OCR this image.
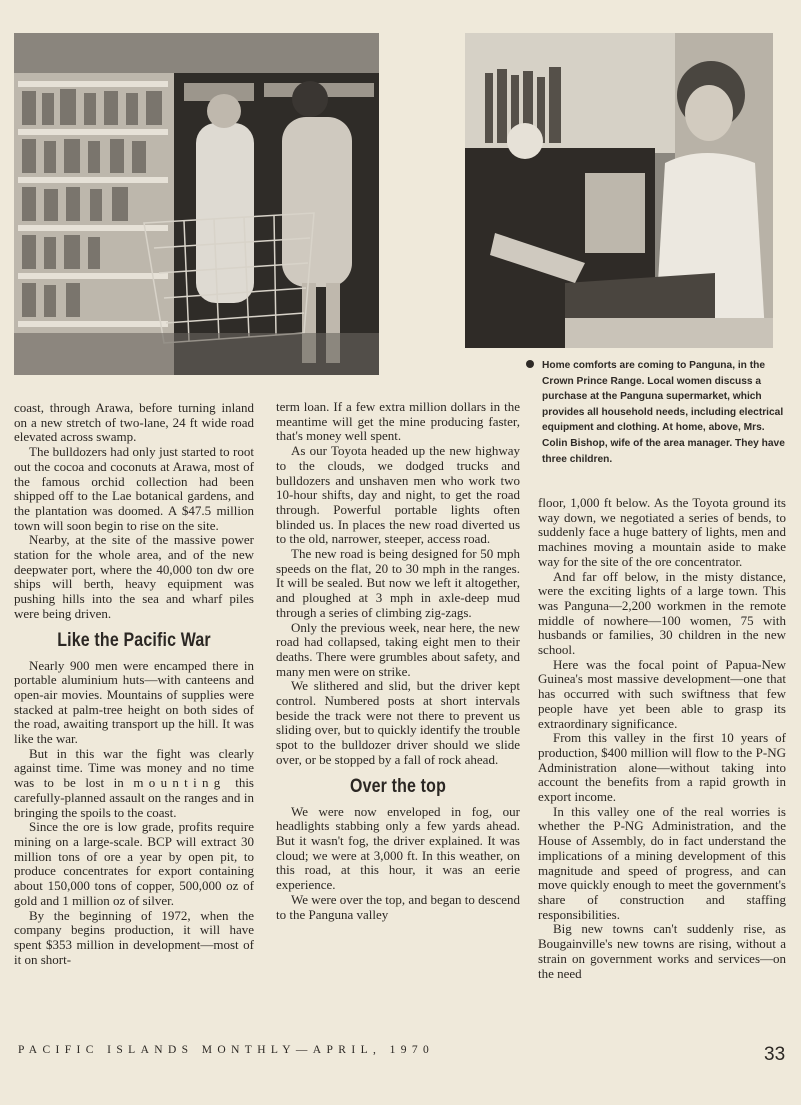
Home comforts are coming to Panguna, in the Crown Prince Range. Local women discuss a purchase at the Panguna supermarket, which provides all household needs, including electrical equipment and clothing. At home, above, Mrs. Colin Bishop, wife of the area manager. They have three children.

coast, through Arawa, before turning inland on a new stretch of two-lane, 24 ft wide road elevated across swamp.

The bulldozers had only just started to root out the cocoa and coconuts at Arawa, most of the famous orchid collection had been shipped off to the Lae botanical gardens, and the plantation was doomed. A $47.5 million town will soon begin to rise on the site.

Nearby, at the site of the massive power station for the whole area, and of the new deepwater port, where the 40,000 ton dw ore ships will berth, heavy equipment was pushing hills into the sea and wharf piles were being driven.

Like the Pacific War

Nearly 900 men were encamped there in portable aluminium huts—with canteens and open-air movies. Mountains of supplies were stacked at palm-tree height on both sides of the road, awaiting transport up the hill. It was like the war.

But in this war the fight was clearly against time. Time was money and no time was to be lost in mounting this carefully-planned assault on the ranges and in bringing the spoils to the coast.

Since the ore is low grade, profits require mining on a large-scale. BCP will extract 30 million tons of ore a year by open pit, to produce concentrates for export containing about 150,000 tons of copper, 500,000 oz of gold and 1 million oz of silver.

By the beginning of 1972, when the company begins production, it will have spent $353 million in development—most of it on short-

term loan. If a few extra million dollars in the meantime will get the mine producing faster, that's money well spent.

As our Toyota headed up the new highway to the clouds, we dodged trucks and bulldozers and unshaven men who work two 10-hour shifts, day and night, to get the road through. Powerful portable lights often blinded us. In places the new road diverted us to the old, narrower, steeper, access road.

The new road is being designed for 50 mph speeds on the flat, 20 to 30 mph in the ranges. It will be sealed. But now we left it altogether, and ploughed at 3 mph in axle-deep mud through a series of climbing zig-zags.

Only the previous week, near here, the new road had collapsed, taking eight men to their deaths. There were grumbles about safety, and many men were on strike.

We slithered and slid, but the driver kept control. Numbered posts at short intervals beside the track were not there to prevent us sliding over, but to quickly identify the trouble spot to the bulldozer driver should we slide over, or be stopped by a fall of rock ahead.

Over the top

We were now enveloped in fog, our headlights stabbing only a few yards ahead. But it wasn't fog, the driver explained. It was cloud; we were at 3,000 ft. In this weather, on this road, at this hour, it was an eerie experience.

We were over the top, and began to descend to the Panguna valley

floor, 1,000 ft below. As the Toyota ground its way down, we negotiated a series of bends, to suddenly face a huge battery of lights, men and machines moving a mountain aside to make way for the site of the ore concentrator.

And far off below, in the misty distance, were the exciting lights of a large town. This was Panguna—2,200 workmen in the remote middle of nowhere—100 women, 75 with husbands or families, 30 children in the new school.

Here was the focal point of Papua-New Guinea's most massive development—one that has occurred with such swiftness that few people have yet been able to grasp its extraordinary significance.

From this valley in the first 10 years of production, $400 million will flow to the P-NG Administration alone—without taking into account the benefits from a rapid growth in export income.

In this valley one of the real worries is whether the P-NG Administration, and the House of Assembly, do in fact understand the implications of a mining development of this magnitude and speed of progress, and can move quickly enough to meet the government's share of construction and staffing responsibilities.

Big new towns can't suddenly rise, as Bougainville's new towns are rising, without a strain on government works and services—on the need

PACIFIC ISLANDS MONTHLY—APRIL, 1970	33
